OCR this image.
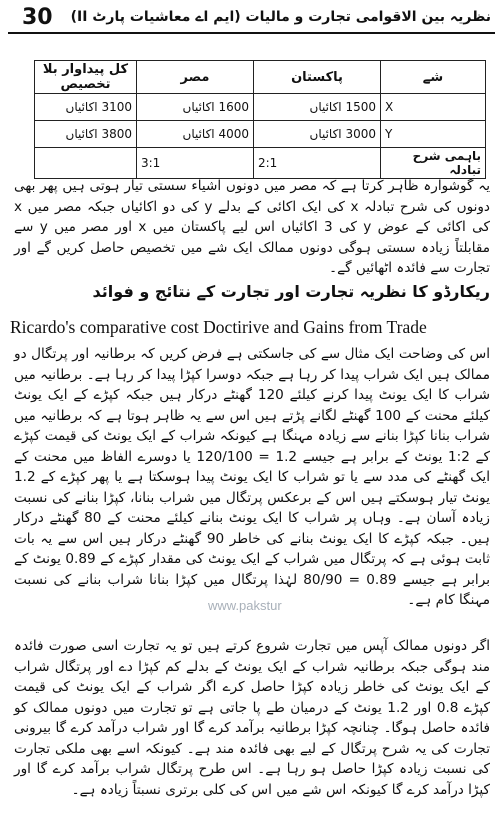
30 نظریہ بین الاقوامی تجارت و مالیات (ایم اے معاشیات پارٹ II)
شے	پاکستان	مصر	کل پیداوار بلا تخصیص
X	1500 اکائیاں	1600 اکائیاں	3100 اکائیاں
Y	3000 اکائیاں	4000 اکائیاں	3800 اکائیاں
باہمی شرح تبادلہ	2:1	3:1	

یہ گوشوارہ ظاہر کرتا ہے کہ مصر میں دونوں اشیاء سستی تیار ہوتی ہیں پھر بھی دونوں کی شرح تبادلہ x کی ایک اکائی کے بدلے y کی دو اکائیاں جبکہ مصر میں x کی اکائی کے عوض y کی 3 اکائیاں اس لیے پاکستان میں x اور مصر میں y سے مقابلتاً زیادہ سستی ہوگی دونوں ممالک ایک شے میں تخصیص حاصل کریں گے اور تجارت سے فائدہ اٹھائیں گے۔

ریکارڈو کا نظریہ تجارت اور تجارت کے نتائج و فوائد

Ricardo's comparative cost Doctirive and Gains from Trade

اس کی وضاحت ایک مثال سے کی جاسکتی ہے فرض کریں کہ برطانیہ اور پرتگال دو ممالک ہیں ایک شراب پیدا کر رہا ہے جبکہ دوسرا کپڑا پیدا کر رہا ہے۔ برطانیہ میں شراب کا ایک یونٹ پیدا کرنے کیلئے 120 گھنٹے درکار ہیں جبکہ کپڑے کے ایک یونٹ کیلئے محنت کے 100 گھنٹے لگانے پڑتے ہیں اس سے یہ ظاہر ہوتا ہے کہ برطانیہ میں شراب بنانا کپڑا بنانے سے زیادہ مہنگا ہے کیونکہ شراب کے ایک یونٹ کی قیمت کپڑے کے 1:2 یونٹ کے برابر ہے جیسے 1.2 = 120/100 یا دوسرے الفاظ میں محنت کے ایک گھنٹے کی مدد سے یا تو شراب کا ایک یونٹ پیدا ہوسکتا ہے یا پھر کپڑے کے 1.2 یونٹ تیار ہوسکتے ہیں اس کے برعکس پرتگال میں شراب بنانا، کپڑا بنانے کی نسبت زیادہ آسان ہے۔ وہاں پر شراب کا ایک یونٹ بنانے کیلئے محنت کے 80 گھنٹے درکار ہیں۔ جبکہ کپڑے کا ایک یونٹ بنانے کی خاطر 90 گھنٹے درکار ہیں اس سے یہ بات ثابت ہوئی ہے کہ پرتگال میں شراب کے ایک یونٹ کی مقدار کپڑے کے 0.89 یونٹ کے برابر ہے جیسے 0.89 = 80/90 لہٰذا پرتگال میں کپڑا بنانا شراب بنانے کی نسبت مہنگا کام ہے۔

www.pakstur

اگر دونوں ممالک آپس میں تجارت شروع کرتے ہیں تو یہ تجارت اسی صورت فائدہ مند ہوگی جبکہ برطانیہ شراب کے ایک یونٹ کے بدلے کم کپڑا دے اور پرتگال شراب کے ایک یونٹ کی خاطر زیادہ کپڑا حاصل کرے اگر شراب کے ایک یونٹ کی قیمت کپڑے 0.8 اور 1.2 یونٹ کے درمیان طے پا جاتی ہے تو تجارت میں دونوں ممالک کو فائدہ حاصل ہوگا۔ چنانچہ کپڑا برطانیہ برآمد کرے گا اور شراب درآمد کرے گا بیرونی تجارت کی یہ شرح پرتگال کے لیے بھی فائدہ مند ہے۔ کیونکہ اسے بھی ملکی تجارت کی نسبت زیادہ کپڑا حاصل ہو رہا ہے۔ اس طرح پرتگال شراب برآمد کرے گا اور کپڑا درآمد کرے گا کیونکہ اس شے میں اس کی کلی برتری نسبتاً زیادہ ہے۔
